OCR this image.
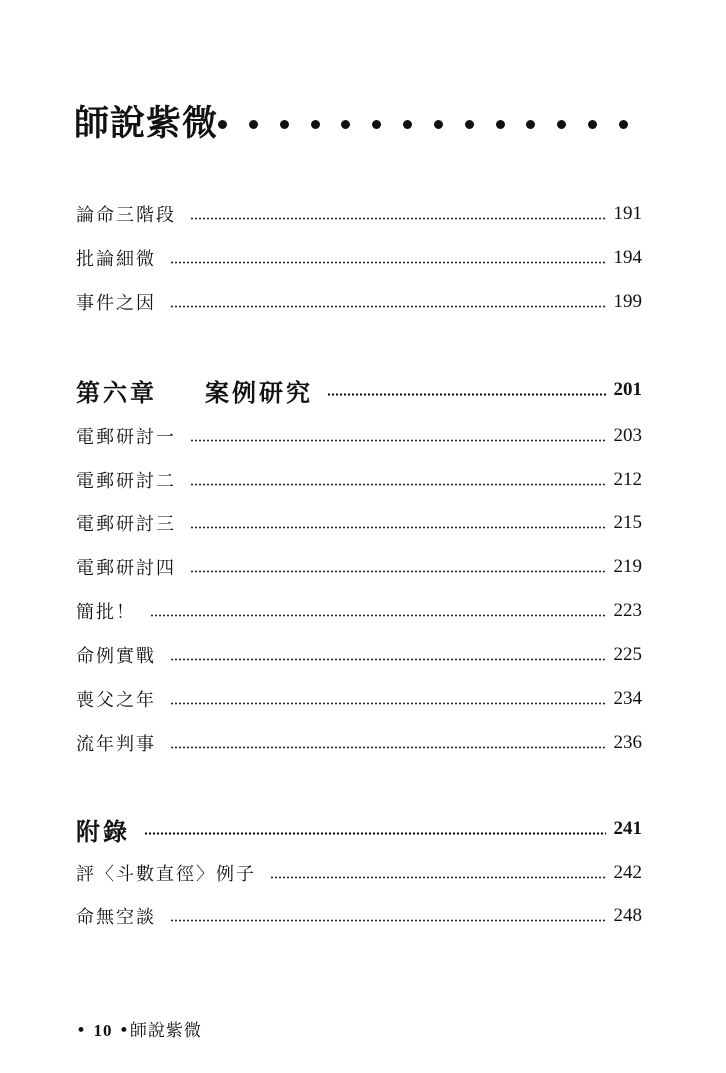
師說紫微
論命三階段	191
批論細微	194
事件之因	199
第六章 案例研究	201
電郵研討一	203
電郵研討二	212
電郵研討三	215
電郵研討四	219
簡批！	223
命例實戰	225
喪父之年	234
流年判事	236
附錄	241
評〈斗數直徑〉例子	242
命無空談	248
• 10 •師說紫微
